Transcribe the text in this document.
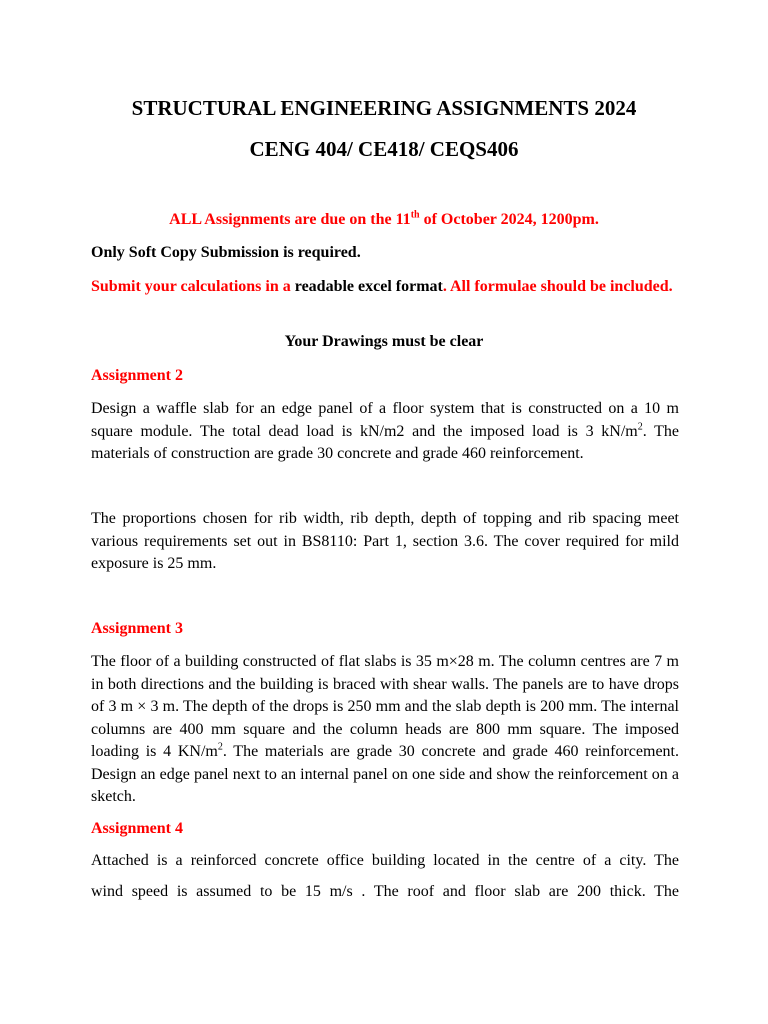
STRUCTURAL ENGINEERING ASSIGNMENTS 2024
CENG 404/ CE418/ CEQS406

ALL Assignments are due on the 11th of October 2024, 1200pm.

Only Soft Copy Submission is required.

Submit your calculations in a readable excel format. All formulae should be included.

Your Drawings must be clear

Assignment 2

Design a waffle slab for an edge panel of a floor system that is constructed on a 10 m square module. The total dead load is kN/m2 and the imposed load is 3 $kN/m^2$. The materials of construction are grade 30 concrete and grade 460 reinforcement.

The proportions chosen for rib width, rib depth, depth of topping and rib spacing meet various requirements set out in BS8110: Part 1, section 3.6. The cover required for mild exposure is 25 mm.

Assignment 3

The floor of a building constructed of flat slabs is 35 m×28 m. The column centres are 7 m in both directions and the building is braced with shear walls. The panels are to have drops of 3 m × 3 m. The depth of the drops is 250 mm and the slab depth is 200 mm. The internal columns are 400 mm square and the column heads are 800 mm square. The imposed loading is 4 $KN/m^2$. The materials are grade 30 concrete and grade 460 reinforcement. Design an edge panel next to an internal panel on one side and show the reinforcement on a sketch.

Assignment 4

Attached is a reinforced concrete office building located in the centre of a city. The

wind speed is assumed to be 15 m/s . The roof and floor slab are 200 thick. The
